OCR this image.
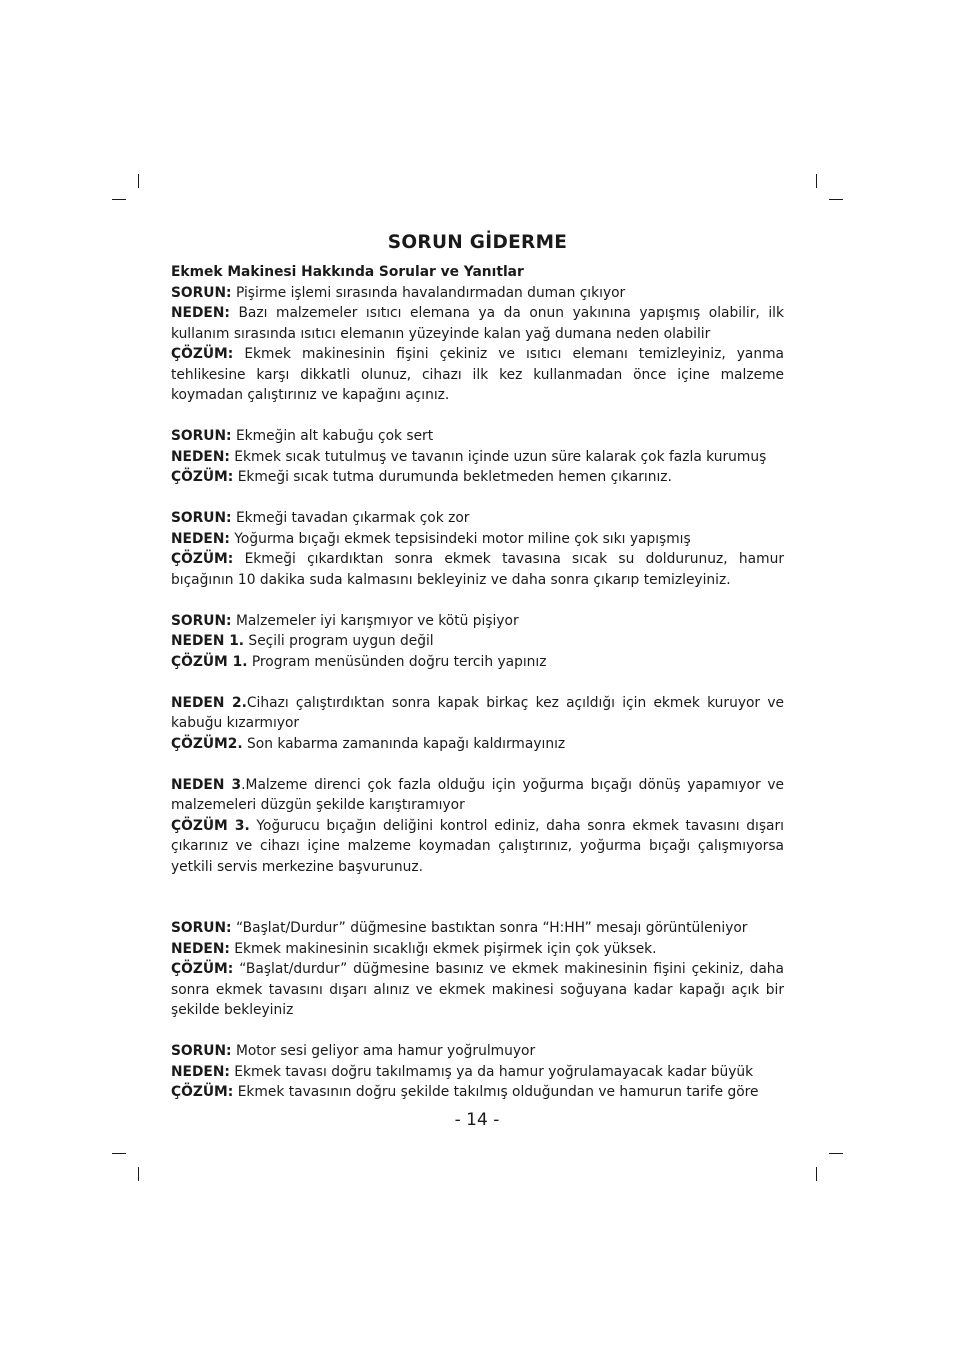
SORUN GİDERME
Ekmek Makinesi Hakkında Sorular ve Yanıtlar
SORUN: Pişirme işlemi sırasında havalandırmadan duman çıkıyor
NEDEN: Bazı malzemeler ısıtıcı elemana ya da onun yakınına yapışmış olabilir, ilk kullanım sırasında ısıtıcı elemanın yüzeyinde kalan yağ dumana neden olabilir
ÇÖZÜM: Ekmek makinesinin fişini çekiniz ve ısıtıcı elemanı temizleyiniz, yanma tehlikesine karşı dikkatli olunuz, cihazı ilk kez kullanmadan önce içine malzeme koymadan çalıştırınız ve kapağını açınız.
SORUN: Ekmeğin alt kabuğu çok sert
NEDEN: Ekmek sıcak tutulmuş ve tavanın içinde uzun süre kalarak çok fazla kurumuş
ÇÖZÜM: Ekmeği sıcak tutma durumunda bekletmeden hemen çıkarınız.
SORUN: Ekmeği tavadan çıkarmak çok zor
NEDEN: Yoğurma bıçağı ekmek tepsisindeki motor miline çok sıkı yapışmış
ÇÖZÜM: Ekmeği çıkardıktan sonra ekmek tavasına sıcak su doldurunuz, hamur bıçağının 10 dakika suda kalmasını bekleyiniz ve daha sonra çıkarıp temizleyiniz.
SORUN: Malzemeler iyi karışmıyor ve kötü pişiyor
NEDEN 1. Seçili program uygun değil
ÇÖZÜM 1. Program menüsünden doğru tercih yapınız
NEDEN 2.Cihazı çalıştırdıktan sonra kapak birkaç kez açıldığı için ekmek kuruyor ve kabuğu kızarmıyor
ÇÖZÜM2. Son kabarma zamanında kapağı kaldırmayınız
NEDEN 3.Malzeme direnci çok fazla olduğu için yoğurma bıçağı dönüş yapamıyor ve malzemeleri düzgün şekilde karıştıramıyor
ÇÖZÜM 3. Yoğurucu bıçağın deliğini kontrol ediniz, daha sonra ekmek tavasını dışarı çıkarınız ve cihazı içine malzeme koymadan çalıştırınız, yoğurma bıçağı çalışmıyorsa yetkili servis merkezine başvurunuz.
SORUN: “Başlat/Durdur” düğmesine bastıktan sonra “H:HH” mesajı görüntüleniyor
NEDEN: Ekmek makinesinin sıcaklığı ekmek pişirmek için çok yüksek.
ÇÖZÜM: “Başlat/durdur” düğmesine basınız ve ekmek makinesinin fişini çekiniz, daha sonra ekmek tavasını dışarı alınız ve ekmek makinesi soğuyana kadar kapağı açık bir şekilde bekleyiniz
SORUN: Motor sesi geliyor ama hamur yoğrulmuyor
NEDEN: Ekmek tavası doğru takılmamış ya da hamur yoğrulamayacak kadar büyük
ÇÖZÜM: Ekmek tavasının doğru şekilde takılmış olduğundan ve hamurun tarife göre
- 14 -
